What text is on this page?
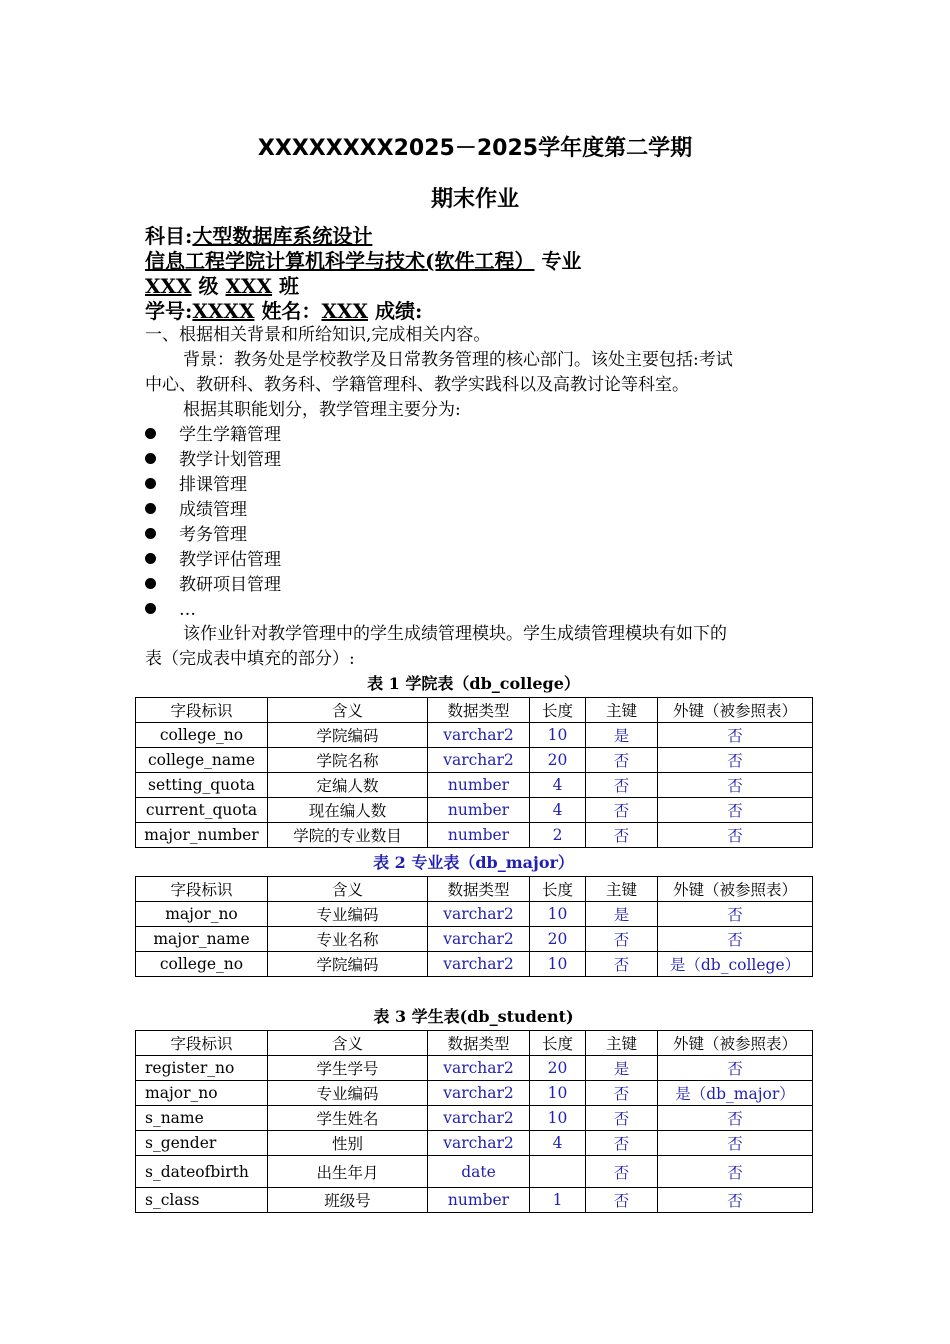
XXXXXXXX2025－2025学年度第二学期
期末作业
科目:大型数据库系统设计
信息工程学院计算机科学与技术(软件工程） 专业
XXX 级 XXX 班
学号:XXXX 姓名：XXX 成绩:
一、根据相关背景和所给知识,完成相关内容。
背景：教务处是学校教学及日常教务管理的核心部门。该处主要包括:考试
中心、教研科、教务科、学籍管理科、教学实践科以及高教讨论等科室。
根据其职能划分，教学管理主要分为:
学生学籍管理
教学计划管理
排课管理
成绩管理
考务管理
教学评估管理
教研项目管理
…
该作业针对教学管理中的学生成绩管理模块。学生成绩管理模块有如下的
表（完成表中填充的部分）:
表 1 学院表（db_college）
字段标识	含义	数据类型	长度	主键	外键（被参照表）
college_no	学院编码	varchar2	10	是	否
college_name	学院名称	varchar2	20	否	否
setting_quota	定编人数	number	4	否	否
current_quota	现在编人数	number	4	否	否
major_number	学院的专业数目	number	2	否	否
表 2 专业表（db_major）
字段标识	含义	数据类型	长度	主键	外键（被参照表）
major_no	专业编码	varchar2	10	是	否
major_name	专业名称	varchar2	20	否	否
college_no	学院编码	varchar2	10	否	是（db_college）
表 3 学生表(db_student)
字段标识	含义	数据类型	长度	主键	外键（被参照表）
register_no	学生学号	varchar2	20	是	否
major_no	专业编码	varchar2	10	否	是（db_major）
s_name	学生姓名	varchar2	10	否	否
s_gender	性别	varchar2	4	否	否
s_dateofbirth	出生年月	date		否	否
s_class	班级号	number	1	否	否
